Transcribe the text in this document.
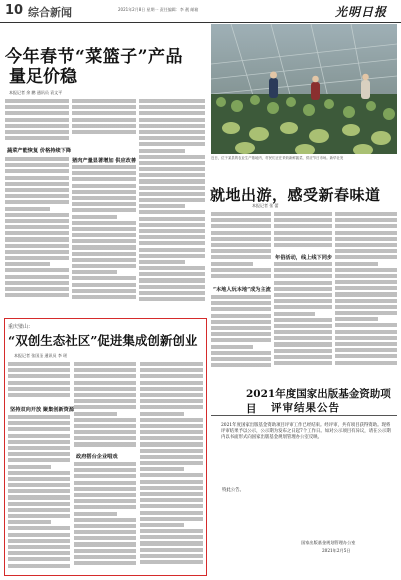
10 综合新闻	2021年2月8日 星期一 责任编辑：李 靓 邮箱	光明日报
今年春节“菜篮子”产品
量足价稳
本报记者 余 鹏 通讯员 袁文平
蔬菜产能恢复 价格持续下降
猪肉产量显著增加 供应改善	近日，位于某县的农业生产基地内，村民们正在采收新鲜蔬菜，供应节日市场。新华社发
就地出游，感受新春味道
本报记者 张 蕾
“本地人玩本地”成为主流
年俗活动，线上线下同步
重庆璧山：
“双创生态社区”促进集成创新创业
本报记者 张国圣 通讯员 李 瑶
坚持双向开放 聚集创新资源
政府搭台企业唱戏
2021年度国家出版基金资助项目	评审结果公告
2021年度国家出版基金资助项目评审工作已经结束。经评审，共有项目获得资助。现将评审结果予以公示，公示期为发布之日起7个工作日。如对公示项目有异议，请在公示期内以书面形式向国家出版基金规划管理办公室反映。
特此公告。
国家出版基金规划管理办公室
2021年2月5日
